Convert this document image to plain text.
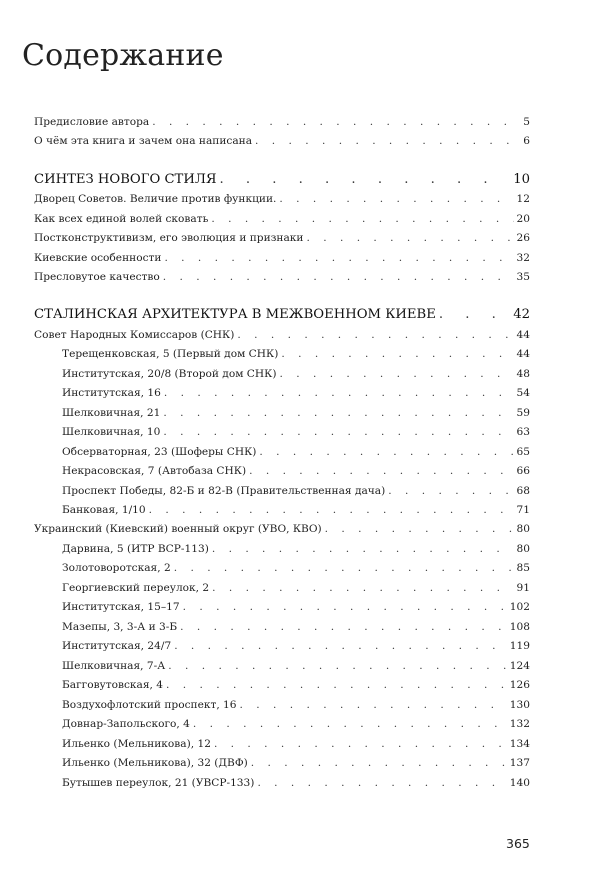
Содержание
Предисловие автора . . .	5
О чём эта книга и зачем она написана . . .	6
СИНТЕЗ НОВОГО СТИЛЯ . . .	10
Дворец Советов. Величие против функции. . . .	12
Как всех единой волей сковать . . .	20
Постконструктивизм, его эволюция и признаки . . .	26
Киевские особенности . . .	32
Пресловутое качество . . .	35
СТАЛИНСКАЯ АРХИТЕКТУРА В МЕЖВОЕННОМ КИЕВЕ . . .	42
Совет Народных Комиссаров (СНК) . . .	44
Терещенковская, 5 (Первый дом СНК) . . .	44
Институтская, 20/8 (Второй дом СНК) . . .	48
Институтская, 16 . . .	54
Шелковичная, 21 . . .	59
Шелковичная, 10 . . .	63
Обсерваторная, 23 (Шоферы СНК) . . .	65
Некрасовская, 7 (Автобаза СНК) . . .	66
Проспект Победы, 82-Б и 82-В (Правительственная дача) . . .	68
Банковая, 1/10 . . .	71
Украинский (Киевский) военный округ (УВО, КВО) . . .	80
Дарвина, 5 (ИТР ВСР-113) . . .	80
Золотоворотская, 2 . . .	85
Георгиевский переулок, 2 . . .	91
Институтская, 15–17 . . .	102
Мазепы, 3, 3-А и 3-Б . . .	108
Институтская, 24/7 . . .	119
Шелковичная, 7-А . . .	124
Багговутовская, 4 . . .	126
Воздухофлотский проспект, 16 . . .	130
Довнар-Запольского, 4 . . .	132
Ильенко (Мельникова), 12 . . .	134
Ильенко (Мельникова), 32 (ДВФ) . . .	137
Бутышев переулок, 21 (УВСР-133) . . .	140
365
